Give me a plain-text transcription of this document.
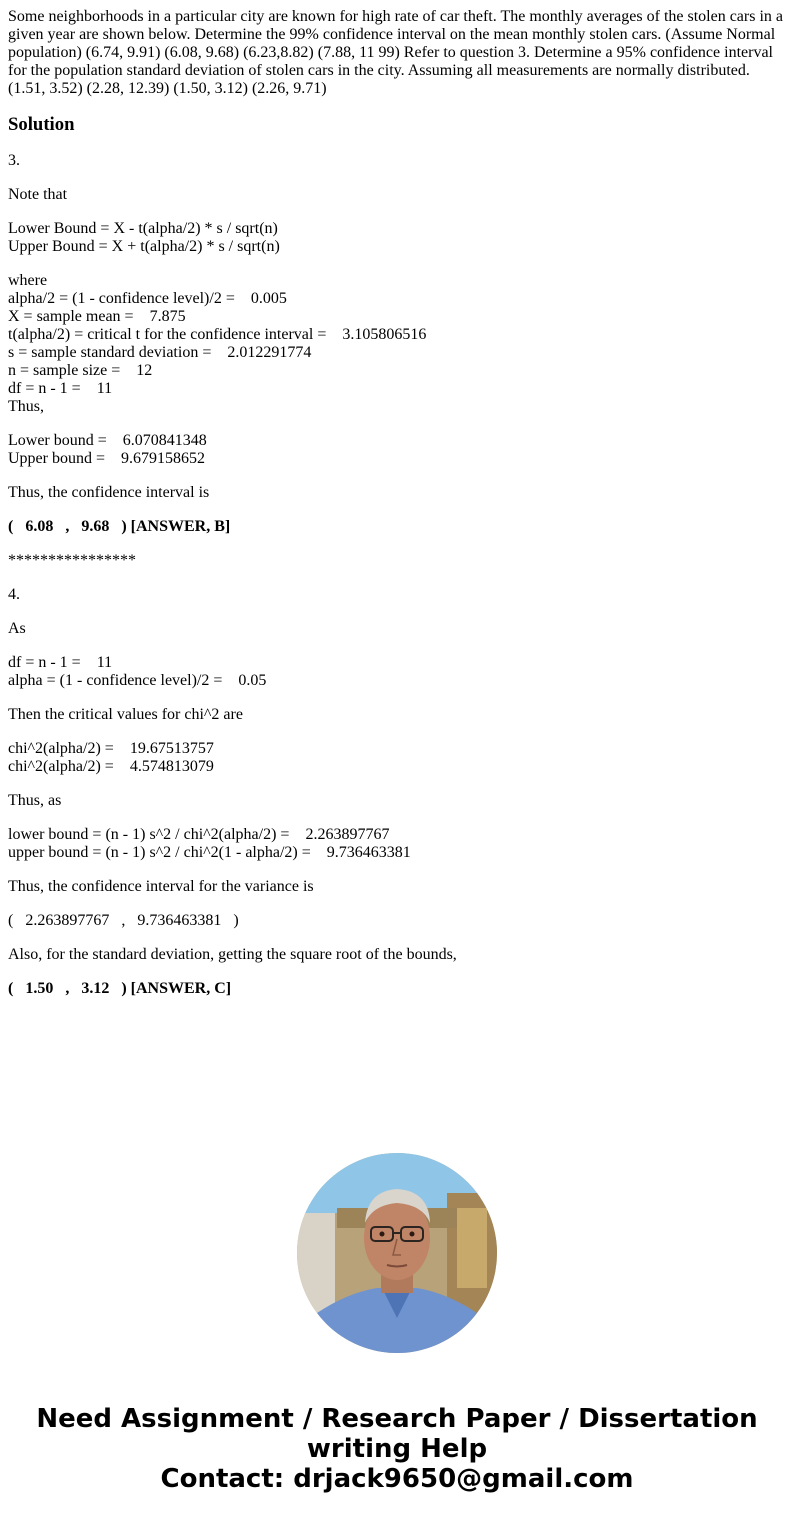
Some neighborhoods in a particular city are known for high rate of car theft. The monthly averages of the stolen cars in a given year are shown below. Determine the 99% confidence interval on the mean monthly stolen cars. (Assume Normal population) (6.74, 9.91) (6.08, 9.68) (6.23,8.82) (7.88, 11 99) Refer to question 3. Determine a 95% confidence interval for the population standard deviation of stolen cars in the city. Assuming all measurements are normally distributed. (1.51, 3.52) (2.28, 12.39) (1.50, 3.12) (2.26, 9.71)
Solution
3.
Note that
Lower Bound = X - t(alpha/2) * s / sqrt(n)
Upper Bound = X + t(alpha/2) * s / sqrt(n)
where
alpha/2 = (1 - confidence level)/2 =    0.005
X = sample mean =    7.875
t(alpha/2) = critical t for the confidence interval =    3.105806516
s = sample standard deviation =    2.012291774
n = sample size =    12
df = n - 1 =    11
Thus,
Lower bound =    6.070841348
Upper bound =    9.679158652
Thus, the confidence interval is
(   6.08   ,   9.68   ) [ANSWER, B]
****************
4.
As
df = n - 1 =    11
alpha = (1 - confidence level)/2 =    0.05
Then the critical values for chi^2 are
chi^2(alpha/2) =    19.67513757
chi^2(alpha/2) =    4.574813079
Thus, as
lower bound = (n - 1) s^2 / chi^2(alpha/2) =    2.263897767
upper bound = (n - 1) s^2 / chi^2(1 - alpha/2) =    9.736463381
Thus, the confidence interval for the variance is
(   2.263897767   ,   9.736463381   )
Also, for the standard deviation, getting the square root of the bounds,
(   1.50   ,   3.12   ) [ANSWER, C]
Need Assignment / Research Paper / Dissertation
writing Help
Contact: drjack9650@gmail.com
